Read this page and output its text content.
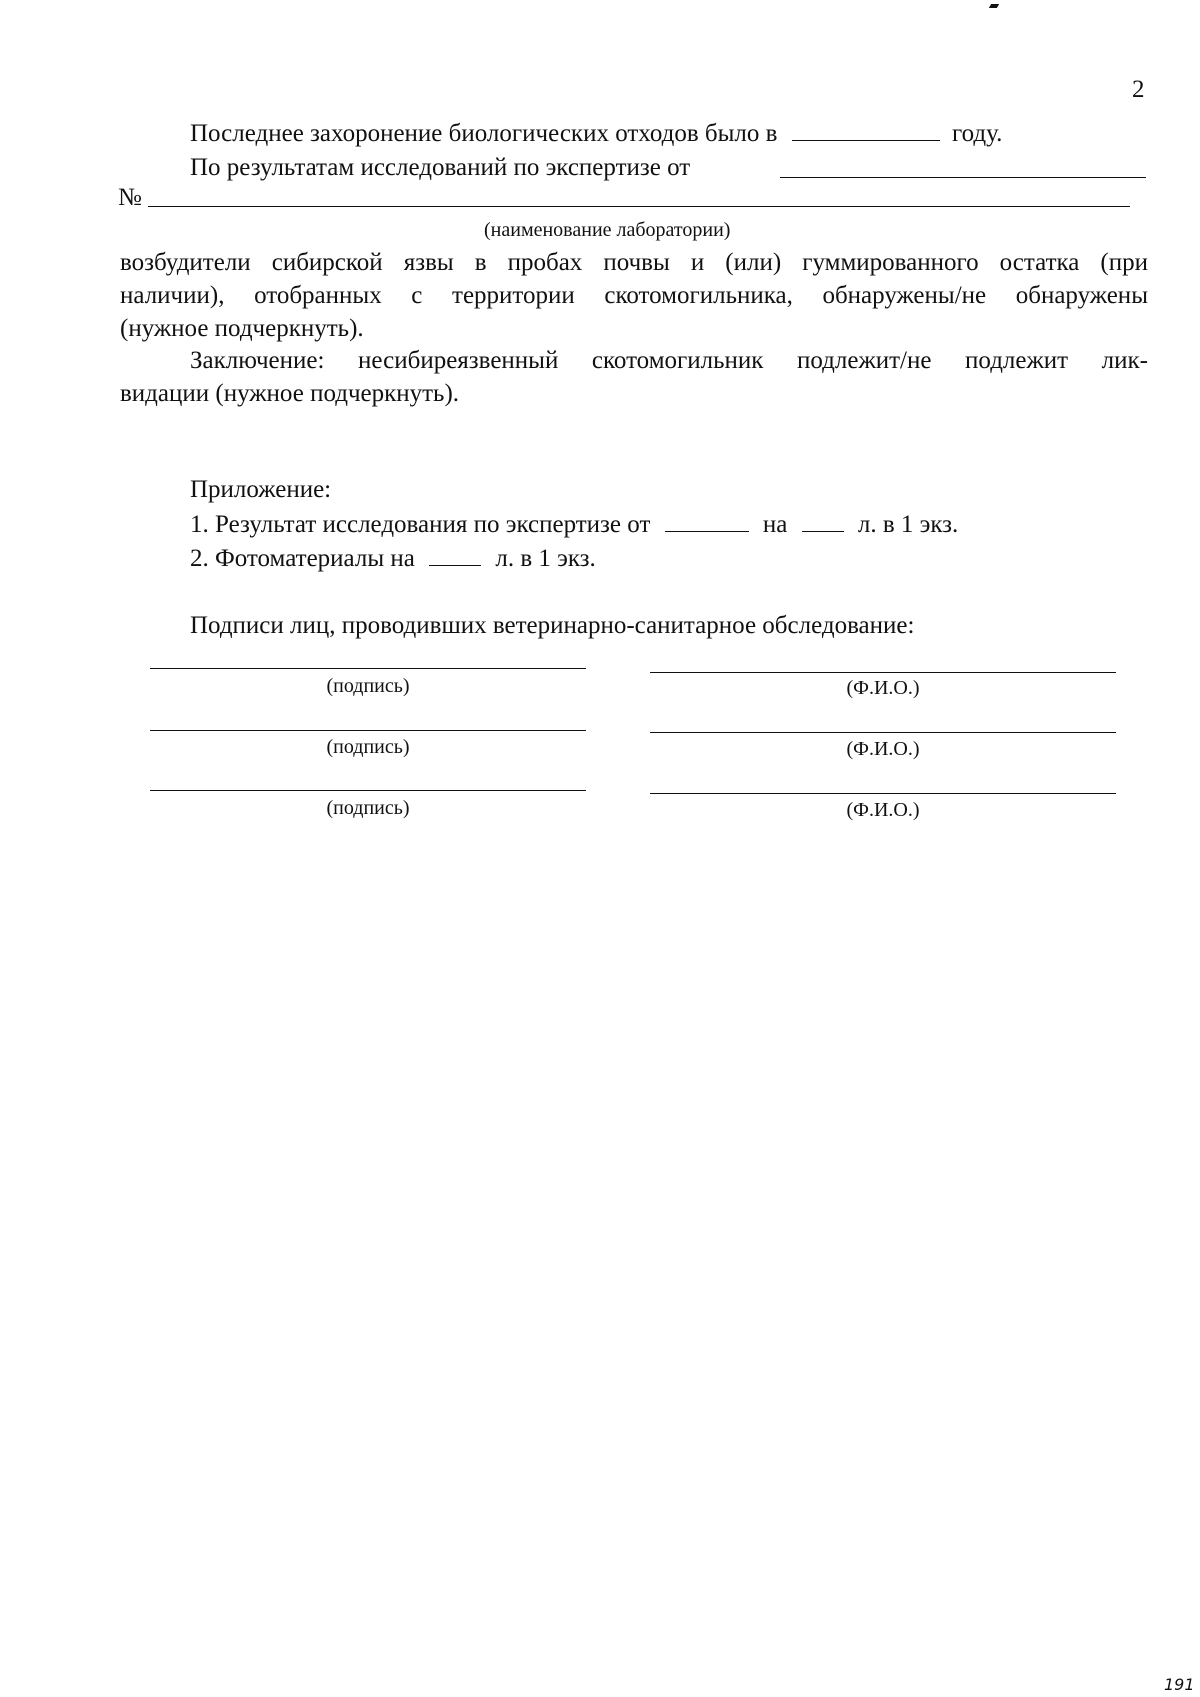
2
Последнее захоронение биологических отходов было в	году.
По результатам исследований по экспертизе от
№
(наименование лаборатории)
возбудители сибирской язвы в пробах почвы и (или) гуммированного остатка (при
наличии), отобранных с территории скотомогильника, обнаружены/не обнаружены
(нужное подчеркнуть).
Заключение: несибиреязвенный скотомогильник подлежит/не подлежит лик-
видации (нужное подчеркнуть).
Приложение:
1. Результат исследования по экспертизе от	на	л. в 1 экз.
2. Фотоматериалы на	л. в 1 экз.
Подписи лиц, проводивших ветеринарно-санитарное обследование:
(подпись)	(Ф.И.О.)
(подпись)	(Ф.И.О.)
(подпись)	(Ф.И.О.)
191
